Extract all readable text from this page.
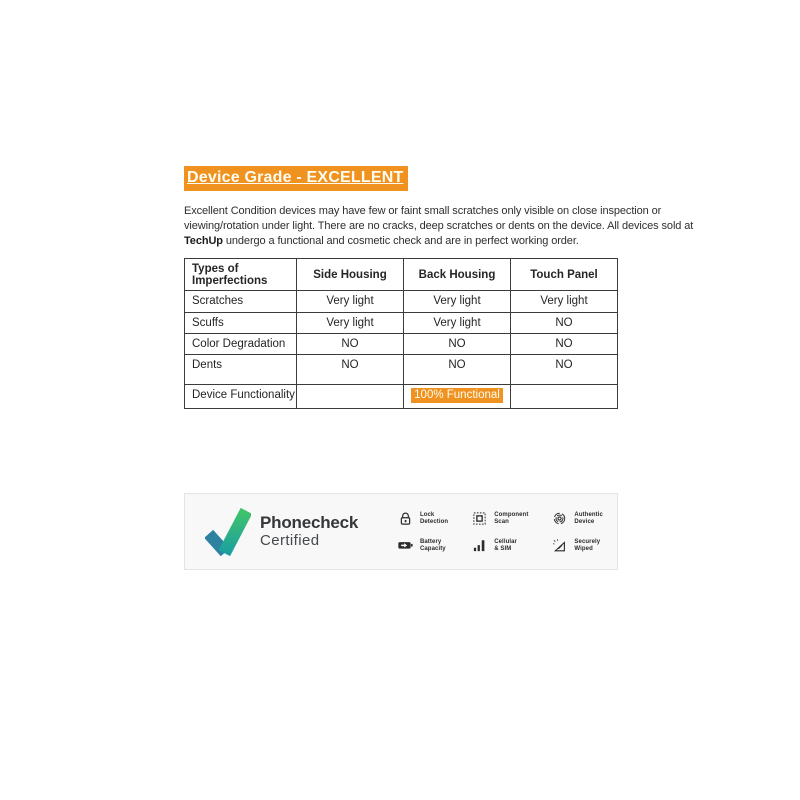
Device Grade - EXCELLENT
Excellent Condition devices may have few or faint small scratches only visible on close inspection or
viewing/rotation under light. There are no cracks, deep scratches or dents on the device. All devices sold at
TechUp undergo a functional and cosmetic check and are in perfect working order.
Types of Imperfections	Side Housing	Back Housing	Touch Panel
Scratches	Very light	Very light	Very light
Scuffs	Very light	Very light	NO
Color Degradation	NO	NO	NO
Dents	NO	NO	NO
Device Functionality		100% Functional	
Phonecheck
Certified
Lock
Detection
Component
Scan
Authentic
Device
Battery
Capacity
Cellular
& SIM
Securely
Wiped
